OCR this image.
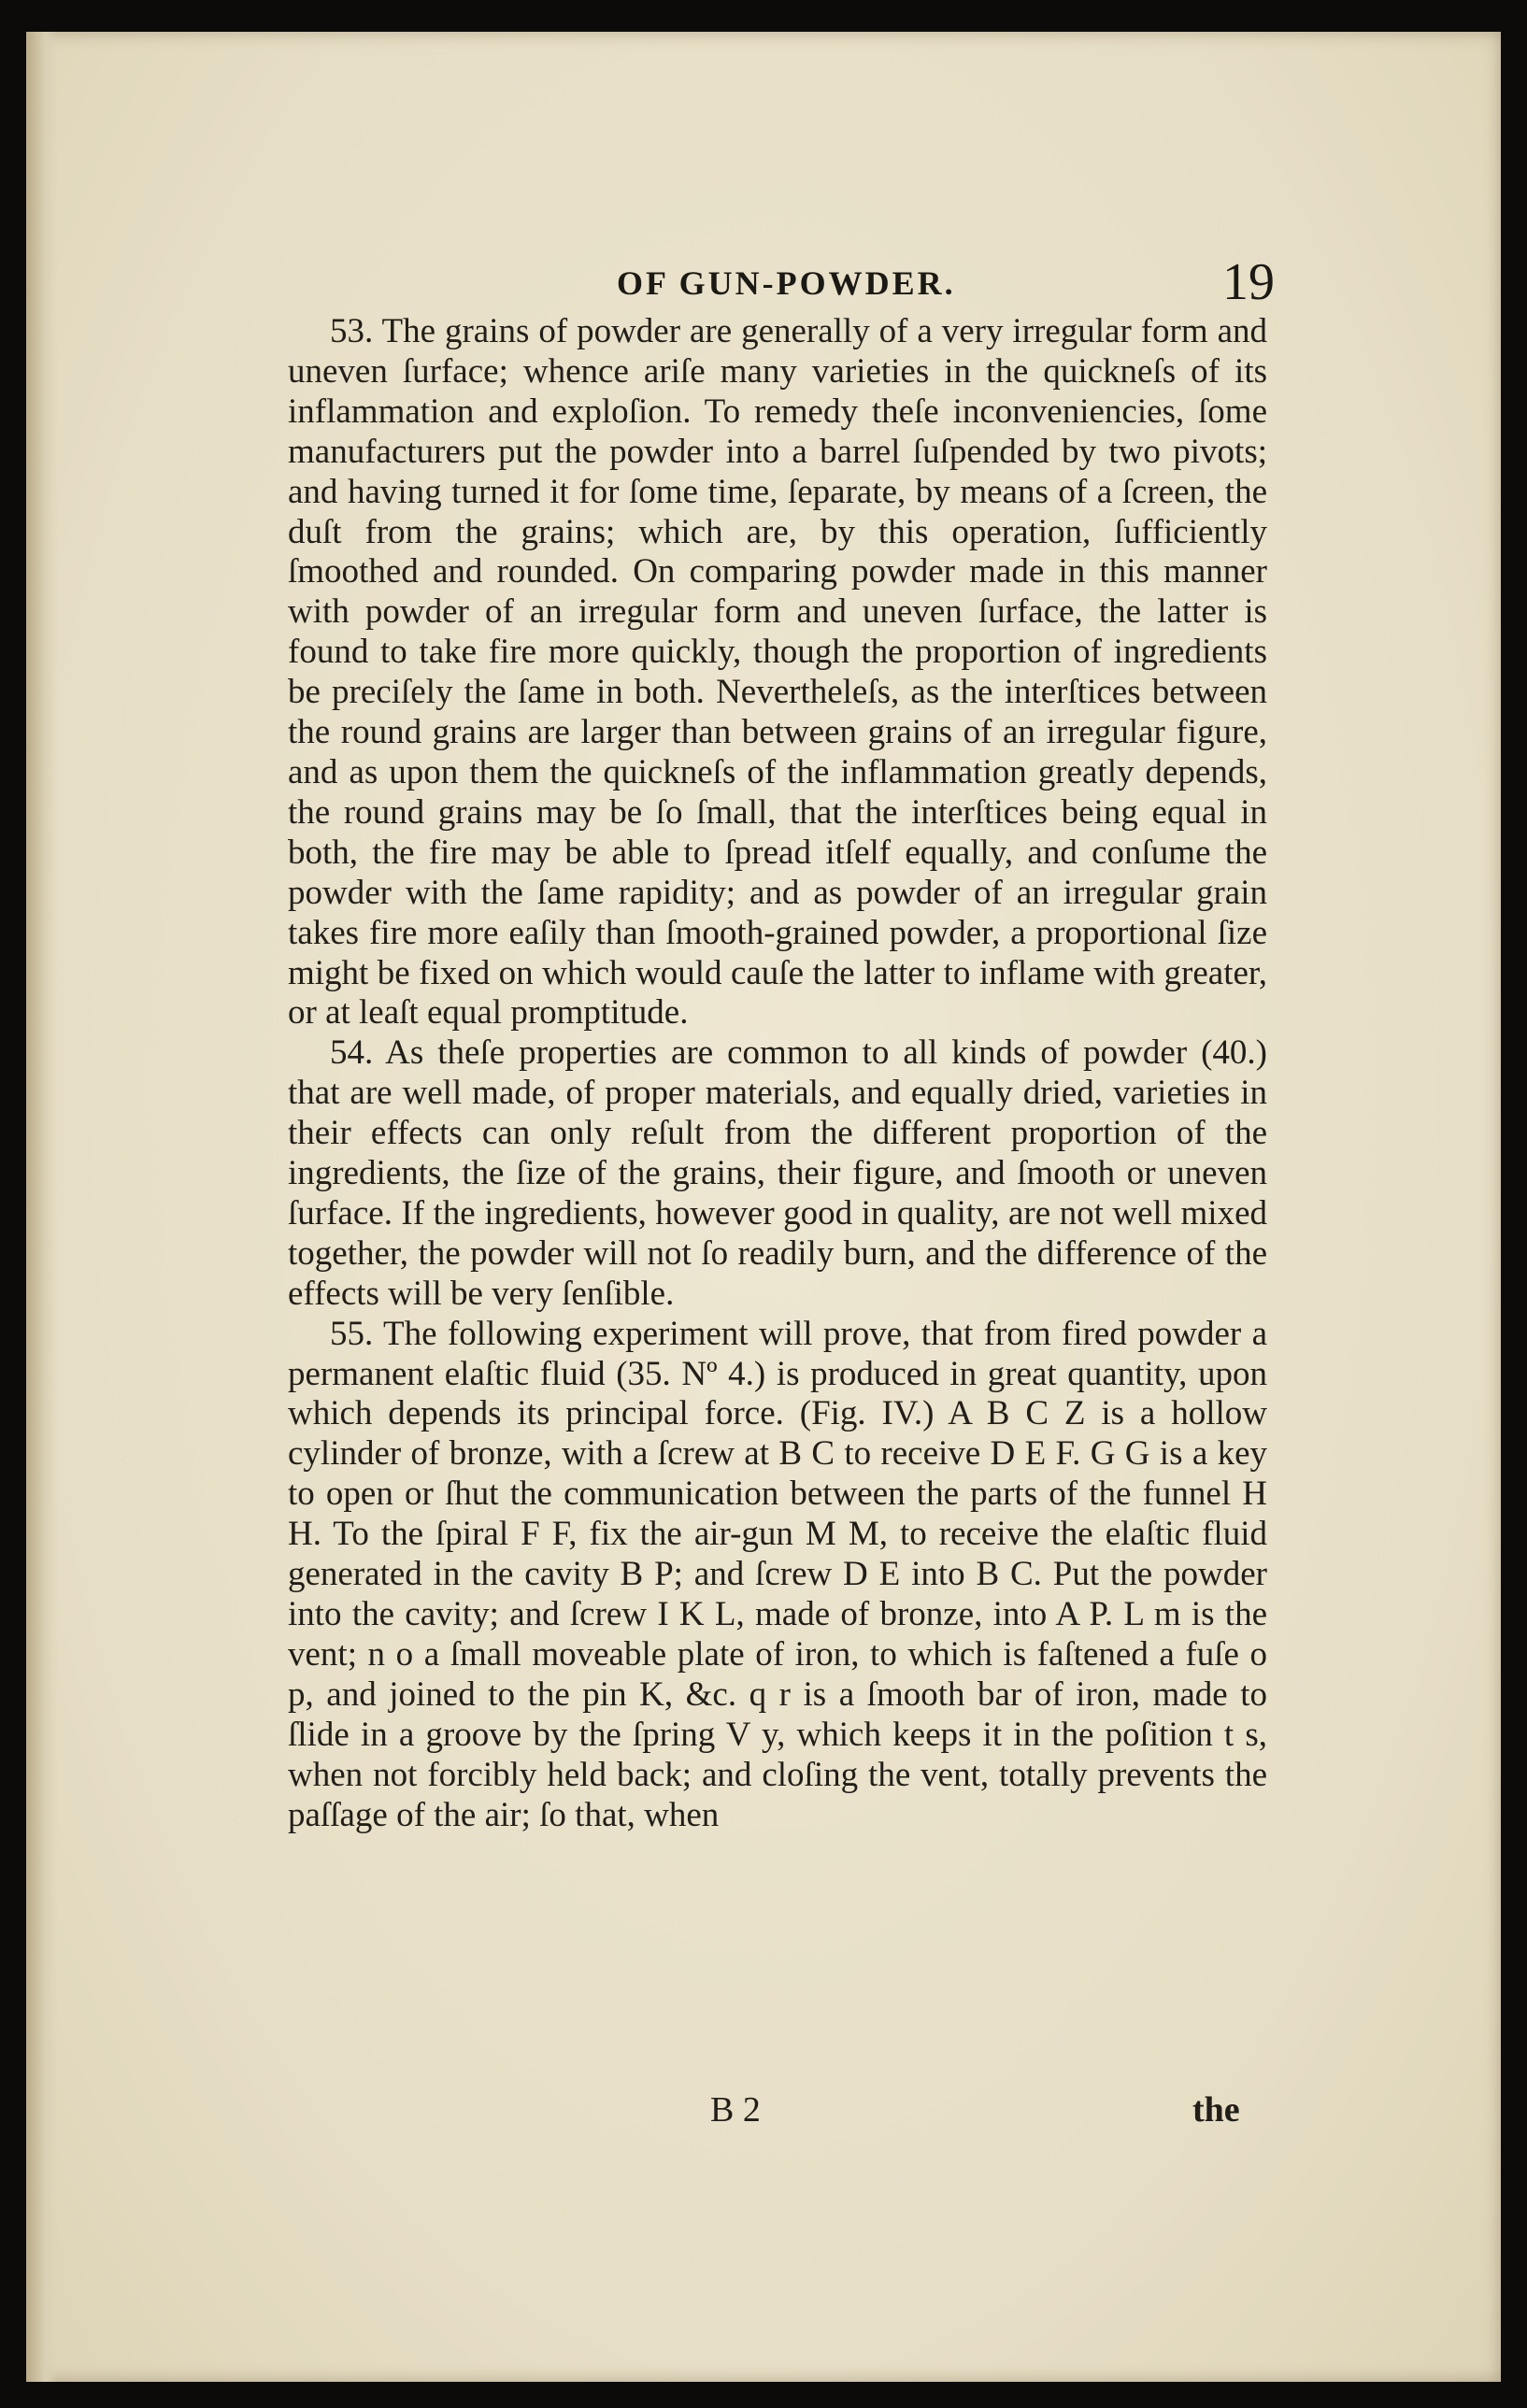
OF GUN-POWDER.	19

53. The grains of powder are generally of a very irregular form and uneven ſurface; whence ariſe many varieties in the quickneſs of its inflammation and exploſion. To remedy theſe inconveniencies, ſome manufacturers put the powder into a barrel ſuſpended by two pivots; and having turned it for ſome time, ſeparate, by means of a ſcreen, the duſt from the grains; which are, by this operation, ſufficiently ſmoothed and rounded. On comparing powder made in this manner with powder of an irregular form and uneven ſurface, the latter is found to take fire more quickly, though the proportion of ingredients be preciſely the ſame in both. Nevertheleſs, as the interſtices between the round grains are larger than between grains of an irregular figure, and as upon them the quickneſs of the inflammation greatly depends, the round grains may be ſo ſmall, that the interſtices being equal in both, the fire may be able to ſpread itſelf equally, and conſume the powder with the ſame rapidity; and as powder of an irregular grain takes fire more eaſily than ſmooth-grained powder, a proportional ſize might be fixed on which would cauſe the latter to inflame with greater, or at leaſt equal promptitude.

54. As theſe properties are common to all kinds of powder (40.) that are well made, of proper materials, and equally dried, varieties in their effects can only reſult from the different proportion of the ingredients, the ſize of the grains, their figure, and ſmooth or uneven ſurface. If the ingredients, however good in quality, are not well mixed together, the powder will not ſo readily burn, and the difference of the effects will be very ſenſible.

55. The following experiment will prove, that from fired powder a permanent elaſtic fluid (35. Nº 4.) is produced in great quantity, upon which depends its principal force. (Fig. IV.) A B C Z is a hollow cylinder of bronze, with a ſcrew at B C to receive D E F. G G is a key to open or ſhut the communication between the parts of the funnel H H. To the ſpiral F F, fix the air-gun M M, to receive the elaſtic fluid generated in the cavity B P; and ſcrew D E into B C. Put the powder into the cavity; and ſcrew I K L, made of bronze, into A P. L m is the vent; n o a ſmall moveable plate of iron, to which is faſtened a fuſe o p, and joined to the pin K, &c. q r is a ſmooth bar of iron, made to ſlide in a groove by the ſpring V y, which keeps it in the poſition t s, when not forcibly held back; and cloſing the vent, totally prevents the paſſage of the air; ſo that, when

B 2	the
